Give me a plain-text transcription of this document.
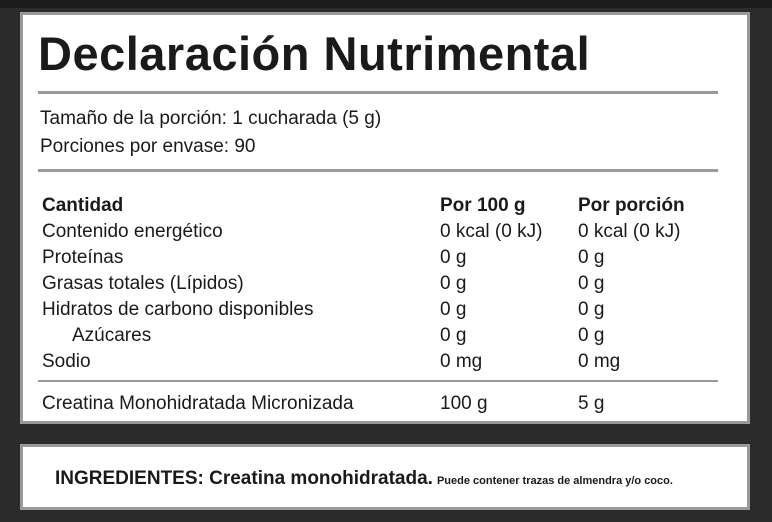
Declaración Nutrimental
Tamaño de la porción: 1 cucharada (5 g)
Porciones por envase: 90
Cantidad	Por 100 g	Por porción
Contenido energético	0 kcal (0 kJ) 0 kcal (0 kJ)
Proteínas	0 g	0 g
Grasas totales (Lípidos)	0 g	0 g
Hidratos de carbono disponibles	0 g	0 g
Azúcares	0 g	0 g
Sodio	0 mg	0 mg
Creatina Monohidratada Micronizada	100 g	5 g
INGREDIENTES: Creatina monohidratada. Puede contener trazas de almendra y/o coco.
